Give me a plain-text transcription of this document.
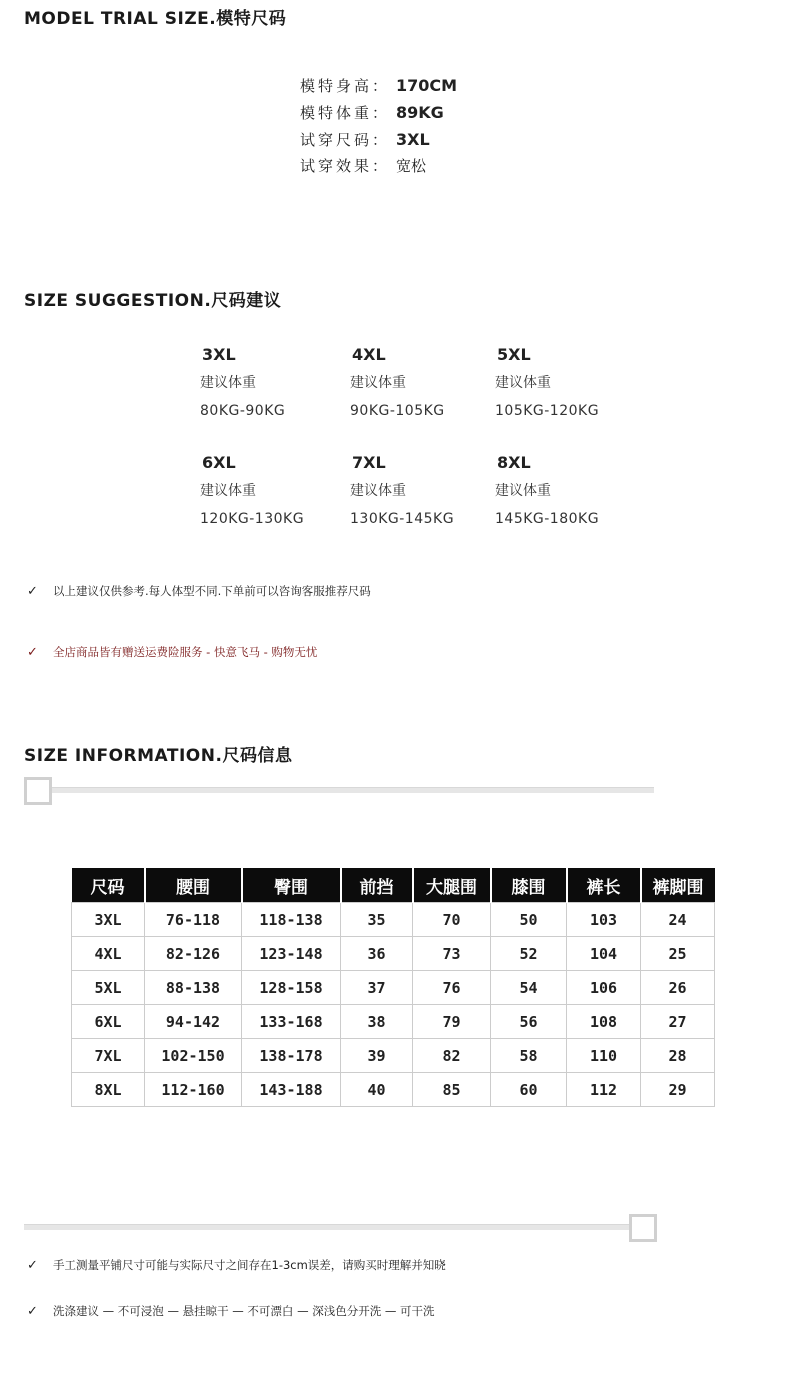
MODEL TRIAL SIZE.模特尺码
模特身高： 170CM
模特体重： 89KG
试穿尺码： 3XL
试穿效果： 宽松
SIZE SUGGESTION.尺码建议
3XL
建议体重
80KG-90KG
4XL
建议体重
90KG-105KG
5XL
建议体重
105KG-120KG
6XL
建议体重
120KG-130KG
7XL
建议体重
130KG-145KG
8XL
建议体重
145KG-180KG
✓ 以上建议仅供参考.每人体型不同.下单前可以咨询客服推荐尺码
✓ 全店商品皆有赠送运费险服务 - 快意飞马 - 购物无忧
SIZE INFORMATION.尺码信息
尺码	腰围	臀围	前挡	大腿围	膝围	裤长	裤脚围
3XL	76-118	118-138	35	70	50	103	24
4XL	82-126	123-148	36	73	52	104	25
5XL	88-138	128-158	37	76	54	106	26
6XL	94-142	133-168	38	79	56	108	27
7XL	102-150	138-178	39	82	58	110	28
8XL	112-160	143-188	40	85	60	112	29
✓ 手工测量平铺尺寸可能与实际尺寸之间存在1-3cm误差，请购买时理解并知晓
✓ 洗涤建议 — 不可浸泡 — 悬挂晾干 — 不可漂白 — 深浅色分开洗 — 可干洗
